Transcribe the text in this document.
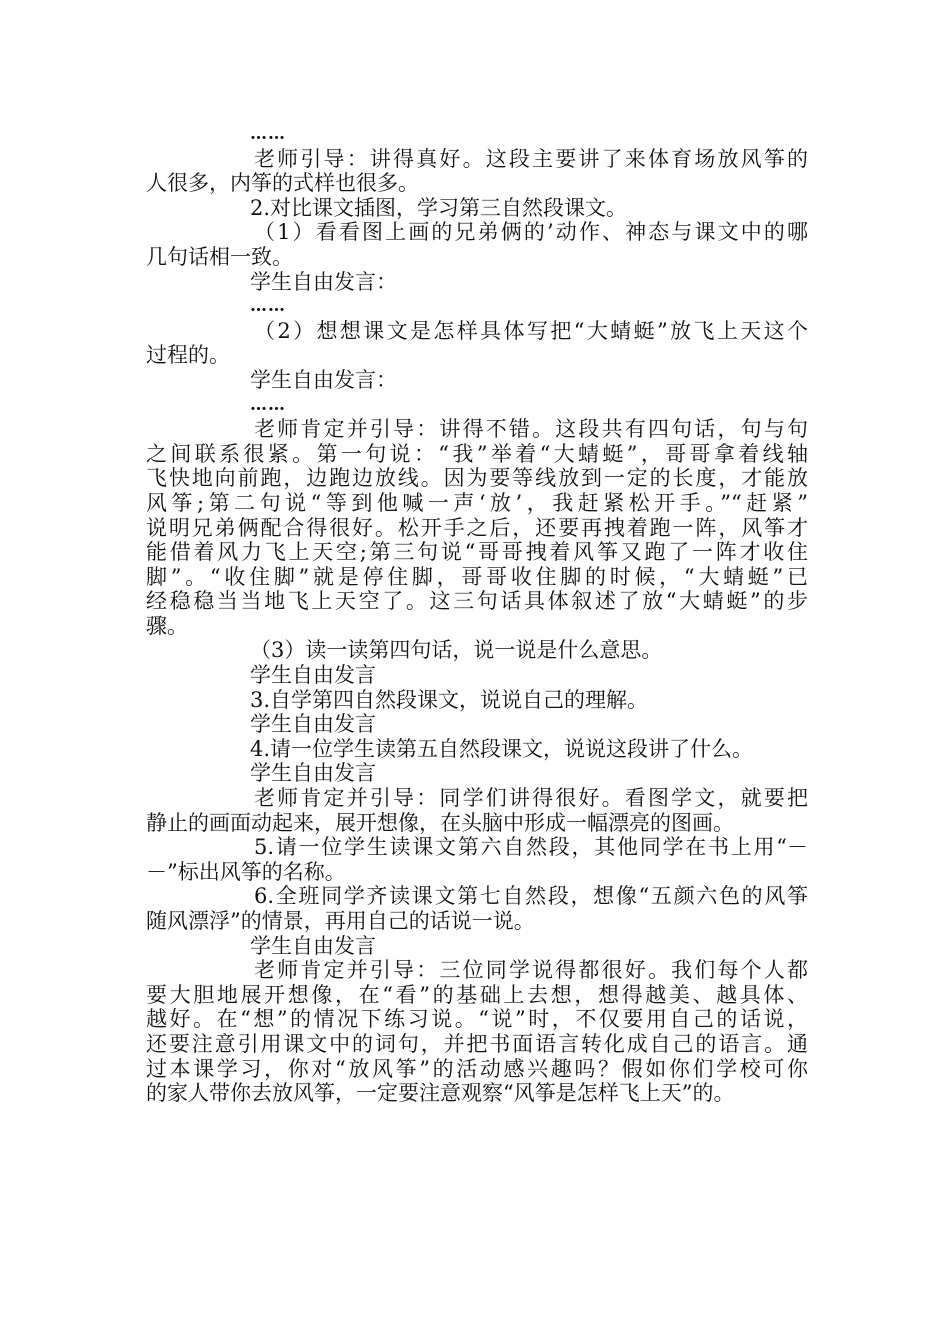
……
老师引导：讲得真好。这段主要讲了来体育场放风筝的
人很多，内筝的式样也很多。
2.对比课文插图，学习第三自然段课文。
（1）看看图上画的兄弟俩的’动作、神态与课文中的哪
几句话相一致。
学生自由发言：
……
（2）想想课文是怎样具体写把“大蜻蜓”放飞上天这个
过程的。
学生自由发言：
……
老师肯定并引导：讲得不错。这段共有四句话，句与句
之间联系很紧。第一句说：“我”举着“大蜻蜓”，哥哥拿着线轴
飞快地向前跑，边跑边放线。因为要等线放到一定的长度，才能放
风筝;第二句说“等到他喊一声‘放’，我赶紧松开手。”“赶紧”
说明兄弟俩配合得很好。松开手之后，还要再拽着跑一阵，风筝才
能借着风力飞上天空;第三句说“哥哥拽着风筝又跑了一阵才收住
脚”。“收住脚”就是停住脚，哥哥收住脚的时候，“大蜻蜓”已
经稳稳当当地飞上天空了。这三句话具体叙述了放“大蜻蜓”的步
骤。
（3）读一读第四句话，说一说是什么意思。
学生自由发言
3.自学第四自然段课文，说说自己的理解。
学生自由发言
4.请一位学生读第五自然段课文，说说这段讲了什么。
学生自由发言
老师肯定并引导：同学们讲得很好。看图学文，就要把
静止的画面动起来，展开想像，在头脑中形成一幅漂亮的图画。
5.请一位学生读课文第六自然段，其他同学在书上用“－
－”标出风筝的名称。
6.全班同学齐读课文第七自然段，想像“五颜六色的风筝
随风漂浮”的情景，再用自己的话说一说。
学生自由发言
老师肯定并引导：三位同学说得都很好。我们每个人都
要大胆地展开想像，在“看”的基础上去想，想得越美、越具体、
越好。在“想”的情况下练习说。“说”时，不仅要用自己的话说，
还要注意引用课文中的词句，并把书面语言转化成自己的语言。通
过本课学习，你对“放风筝”的活动感兴趣吗？假如你们学校可你
的家人带你去放风筝，一定要注意观察“风筝是怎样飞上天”的。
